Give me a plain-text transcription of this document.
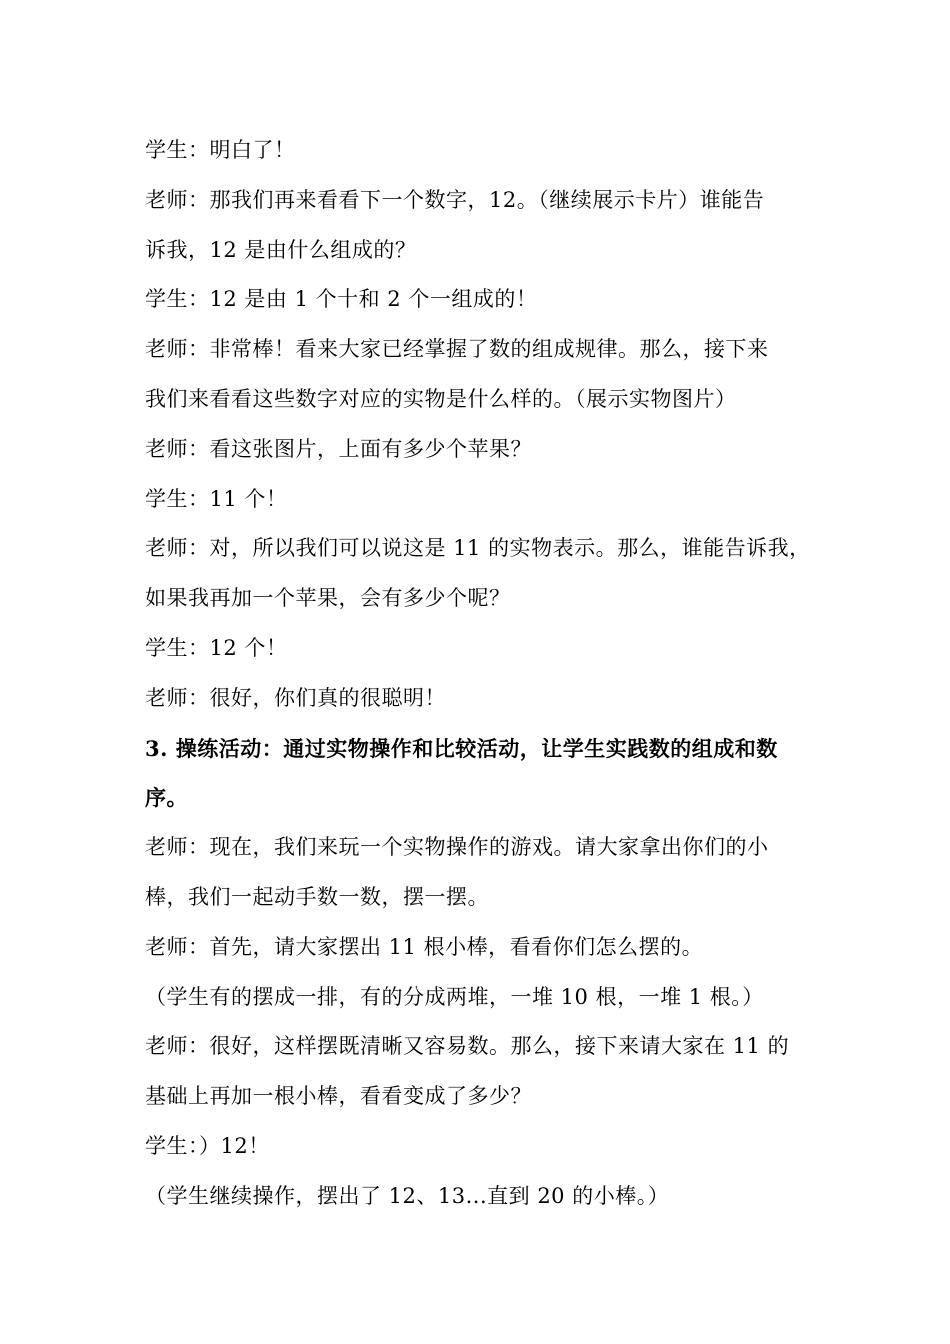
学生：明白了！
老师：那我们再来看看下一个数字，12。（继续展示卡片）谁能告
诉我，12 是由什么组成的？
学生：12 是由 1 个十和 2 个一组成的！
老师：非常棒！看来大家已经掌握了数的组成规律。那么，接下来
我们来看看这些数字对应的实物是什么样的。（展示实物图片）
老师：看这张图片，上面有多少个苹果？
学生：11 个！
老师：对，所以我们可以说这是 11 的实物表示。那么，谁能告诉我，
如果我再加一个苹果，会有多少个呢？
学生：12 个！
老师：很好，你们真的很聪明！
3. 操练活动：通过实物操作和比较活动，让学生实践数的组成和数
序。
老师：现在，我们来玩一个实物操作的游戏。请大家拿出你们的小
棒，我们一起动手数一数，摆一摆。
老师：首先，请大家摆出 11 根小棒，看看你们怎么摆的。
（学生有的摆成一排，有的分成两堆，一堆 10 根，一堆 1 根。）
老师：很好，这样摆既清晰又容易数。那么，接下来请大家在 11 的
基础上再加一根小棒，看看变成了多少？
学生：）12！
（学生继续操作，摆出了 12、13...直到 20 的小棒。）
